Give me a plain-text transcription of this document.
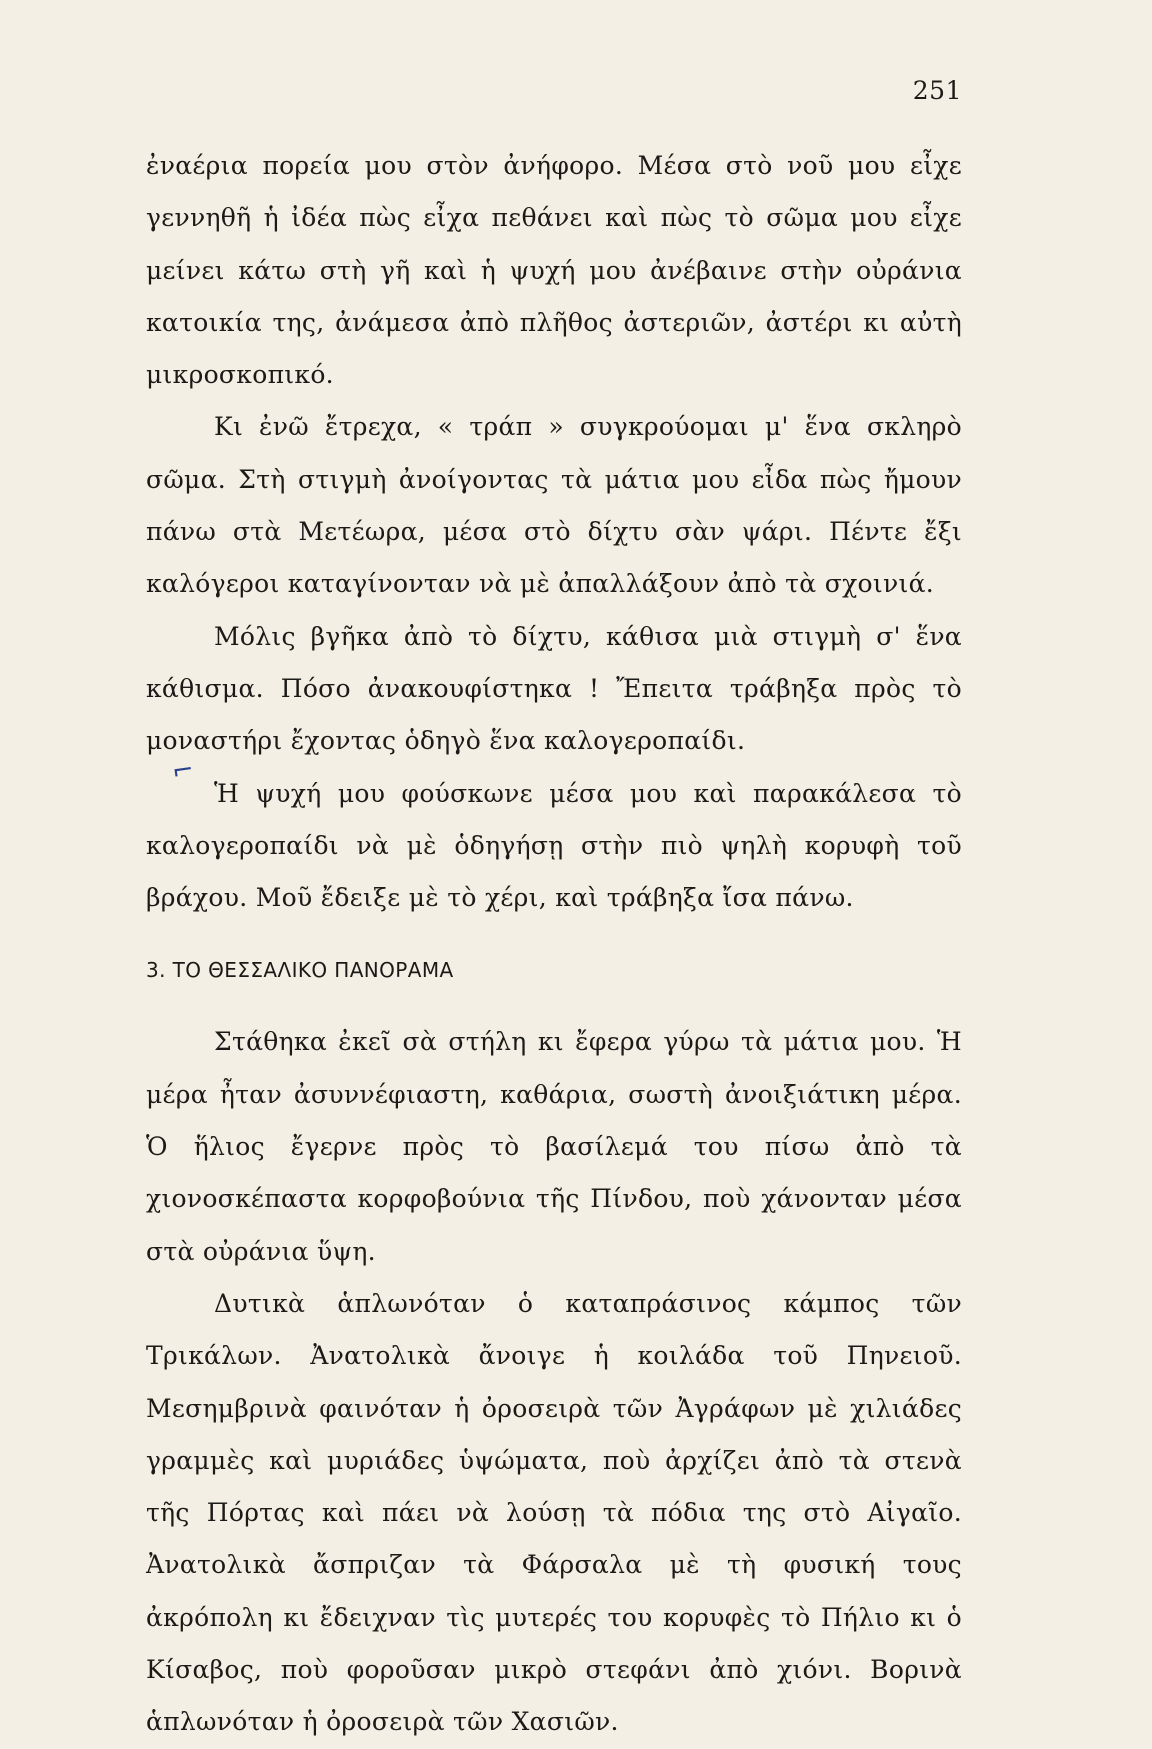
251

ἐναέρια πορεία μου στὸν ἀνήφορο. Μέσα στὸ νοῦ μου εἶχε γεννηθῆ ἡ ἰδέα πὼς εἶχα πεθάνει καὶ πὼς τὸ σῶμα μου εἶχε μείνει κάτω στὴ γῆ καὶ ἡ ψυχή μου ἀνέβαινε στὴν οὐράνια κατοικία της, ἀνάμεσα ἀπὸ πλῆθος ἀστεριῶν, ἀστέρι κι αὐτὴ μικροσκοπικό.

Κι ἐνῶ ἔτρεχα, « τράπ » συγκρούομαι μ' ἕνα σκληρὸ σῶμα. Στὴ στιγμὴ ἀνοίγοντας τὰ μάτια μου εἶδα πὼς ἤμουν πάνω στὰ Μετέωρα, μέσα στὸ δίχτυ σὰν ψάρι. Πέντε ἔξι καλόγεροι καταγίνονταν νὰ μὲ ἀπαλλάξουν ἀπὸ τὰ σχοινιά.

Μόλις βγῆκα ἀπὸ τὸ δίχτυ, κάθισα μιὰ στιγμὴ σ' ἕνα κάθισμα. Πόσο ἀνακουφίστηκα ! Ἔπειτα τράβηξα πρὸς τὸ μοναστήρι ἔχοντας ὁδηγὸ ἕνα καλογεροπαίδι.

Ἡ ψυχή μου φούσκωνε μέσα μου καὶ παρακάλεσα τὸ καλογεροπαίδι νὰ μὲ ὁδηγήσῃ στὴν πιὸ ψηλὴ κορυφὴ τοῦ βράχου. Μοῦ ἔδειξε μὲ τὸ χέρι, καὶ τράβηξα ἴσα πάνω.

3. ΤΟ ΘΕΣΣΑΛΙΚΟ ΠΑΝΟΡΑΜΑ

Στάθηκα ἐκεῖ σὰ στήλη κι ἔφερα γύρω τὰ μάτια μου. Ἡ μέρα ἦταν ἀσυννέφιαστη, καθάρια, σωστὴ ἀνοιξιάτικη μέρα. Ὁ ἥλιος ἔγερνε πρὸς τὸ βασίλεμά του πίσω ἀπὸ τὰ χιονοσκέπαστα κορφοβούνια τῆς Πίνδου, ποὺ χάνονταν μέσα στὰ οὐράνια ὕψη.

Δυτικὰ ἁπλωνόταν ὁ καταπράσινος κάμπος τῶν Τρικάλων. Ἀνατολικὰ ἄνοιγε ἡ κοιλάδα τοῦ Πηνειοῦ. Μεσημβρινὰ φαινόταν ἡ ὀροσειρὰ τῶν Ἀγράφων μὲ χιλιάδες γραμμὲς καὶ μυριάδες ὑψώματα, ποὺ ἀρχίζει ἀπὸ τὰ στενὰ τῆς Πόρτας καὶ πάει νὰ λούσῃ τὰ πόδια της στὸ Αἰγαῖο. Ἀνατολικὰ ἄσπριζαν τὰ Φάρσαλα μὲ τὴ φυσική τους ἀκρόπολη κι ἔδειχναν τὶς μυτερές του κορυφὲς τὸ Πήλιο κι ὁ Κίσαβος, ποὺ φοροῦσαν μικρὸ στεφάνι ἀπὸ χιόνι. Βορινὰ ἁπλωνόταν ἡ ὀροσειρὰ τῶν Χασιῶν.

⌐
